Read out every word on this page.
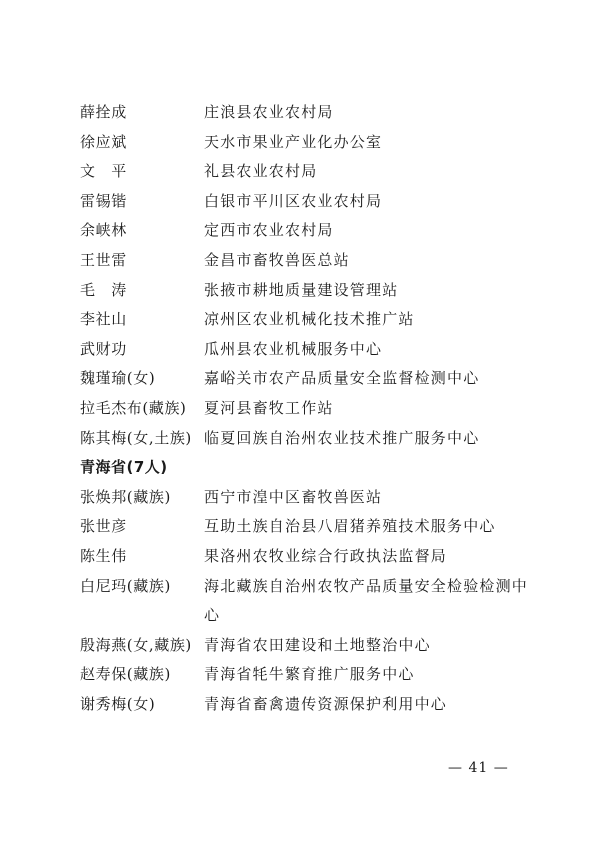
薛拴成	庄浪县农业农村局
徐应斌	天水市果业产业化办公室
文　平	礼县农业农村局
雷锡锴	白银市平川区农业农村局
余峡林	定西市农业农村局
王世雷	金昌市畜牧兽医总站
毛　涛	张掖市耕地质量建设管理站
李社山	凉州区农业机械化技术推广站
武财功	瓜州县农业机械服务中心
魏瑾瑜(女)	嘉峪关市农产品质量安全监督检测中心
拉毛杰布(藏族)	夏河县畜牧工作站
陈其梅(女,土族) 临夏回族自治州农业技术推广服务中心
青海省(7人)
张焕邦(藏族)	西宁市湟中区畜牧兽医站
张世彦	互助土族自治县八眉猪养殖技术服务中心
陈生伟	果洛州农牧业综合行政执法监督局
白尼玛(藏族)	海北藏族自治州农牧产品质量安全检验检测中心
殷海燕(女,藏族) 青海省农田建设和土地整治中心
赵寿保(藏族)	青海省牦牛繁育推广服务中心
谢秀梅(女)	青海省畜禽遗传资源保护利用中心
— 41 —
